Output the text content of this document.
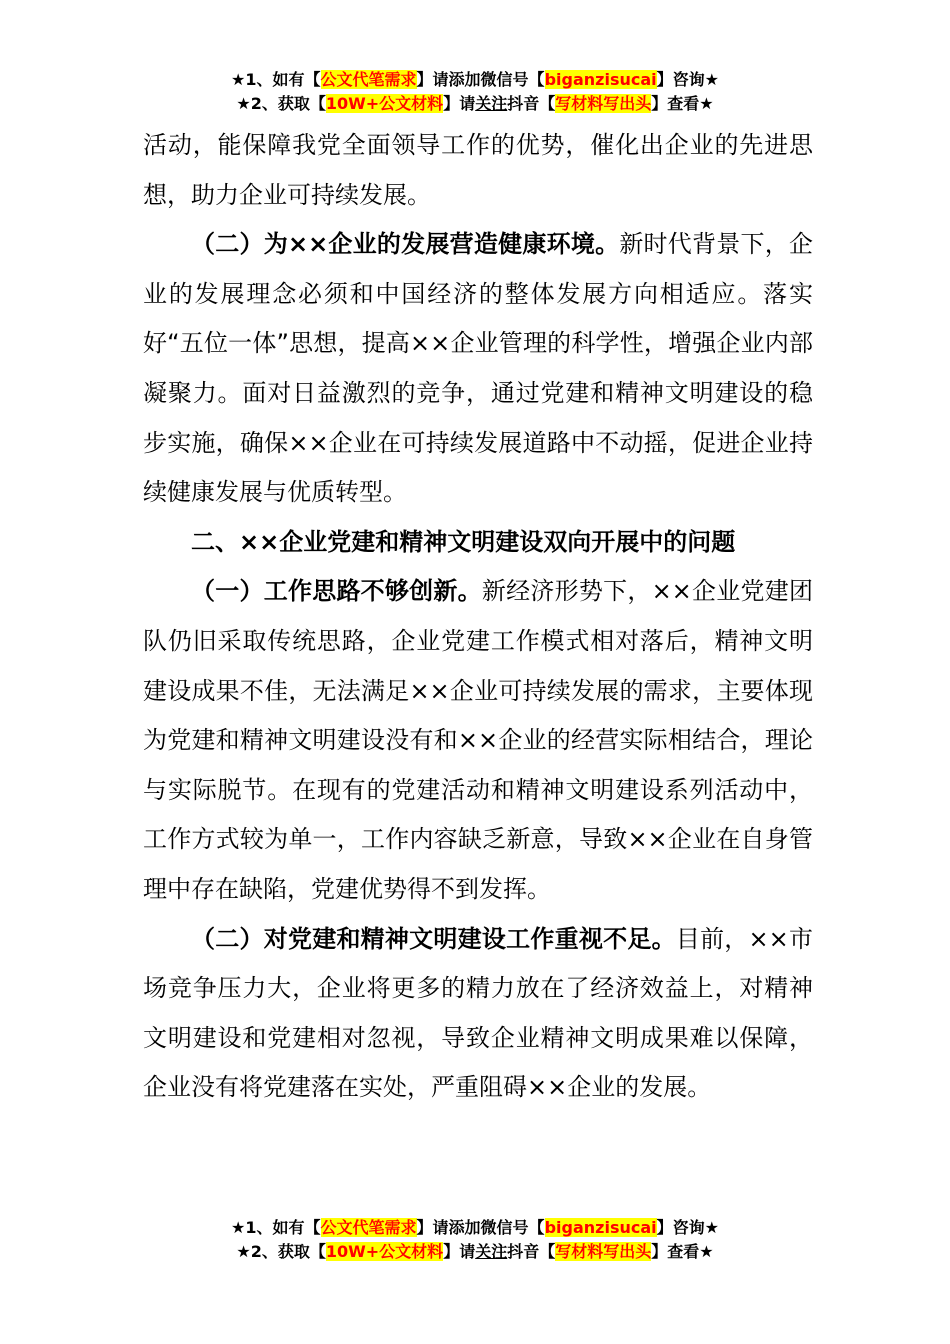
★1、如有【公文代笔需求】请添加微信号【biganzisucai】咨询★
★2、获取【10W+公文材料】请关注抖音【写材料写出头】查看★

活动，能保障我党全面领导工作的优势，催化出企业的先进思想，助力企业可持续发展。

（二）为××企业的发展营造健康环境。新时代背景下，企业的发展理念必须和中国经济的整体发展方向相适应。落实好“五位一体”思想，提高××企业管理的科学性，增强企业内部凝聚力。面对日益激烈的竞争，通过党建和精神文明建设的稳步实施，确保××企业在可持续发展道路中不动摇，促进企业持续健康发展与优质转型。

二、××企业党建和精神文明建设双向开展中的问题

（一）工作思路不够创新。新经济形势下，××企业党建团队仍旧采取传统思路，企业党建工作模式相对落后，精神文明建设成果不佳，无法满足××企业可持续发展的需求，主要体现为党建和精神文明建设没有和××企业的经营实际相结合，理论与实际脱节。在现有的党建活动和精神文明建设系列活动中，工作方式较为单一，工作内容缺乏新意，导致××企业在自身管理中存在缺陷，党建优势得不到发挥。

（二）对党建和精神文明建设工作重视不足。目前，××市场竞争压力大，企业将更多的精力放在了经济效益上，对精神文明建设和党建相对忽视，导致企业精神文明成果难以保障，企业没有将党建落在实处，严重阻碍××企业的发展。

★1、如有【公文代笔需求】请添加微信号【biganzisucai】咨询★
★2、获取【10W+公文材料】请关注抖音【写材料写出头】查看★
